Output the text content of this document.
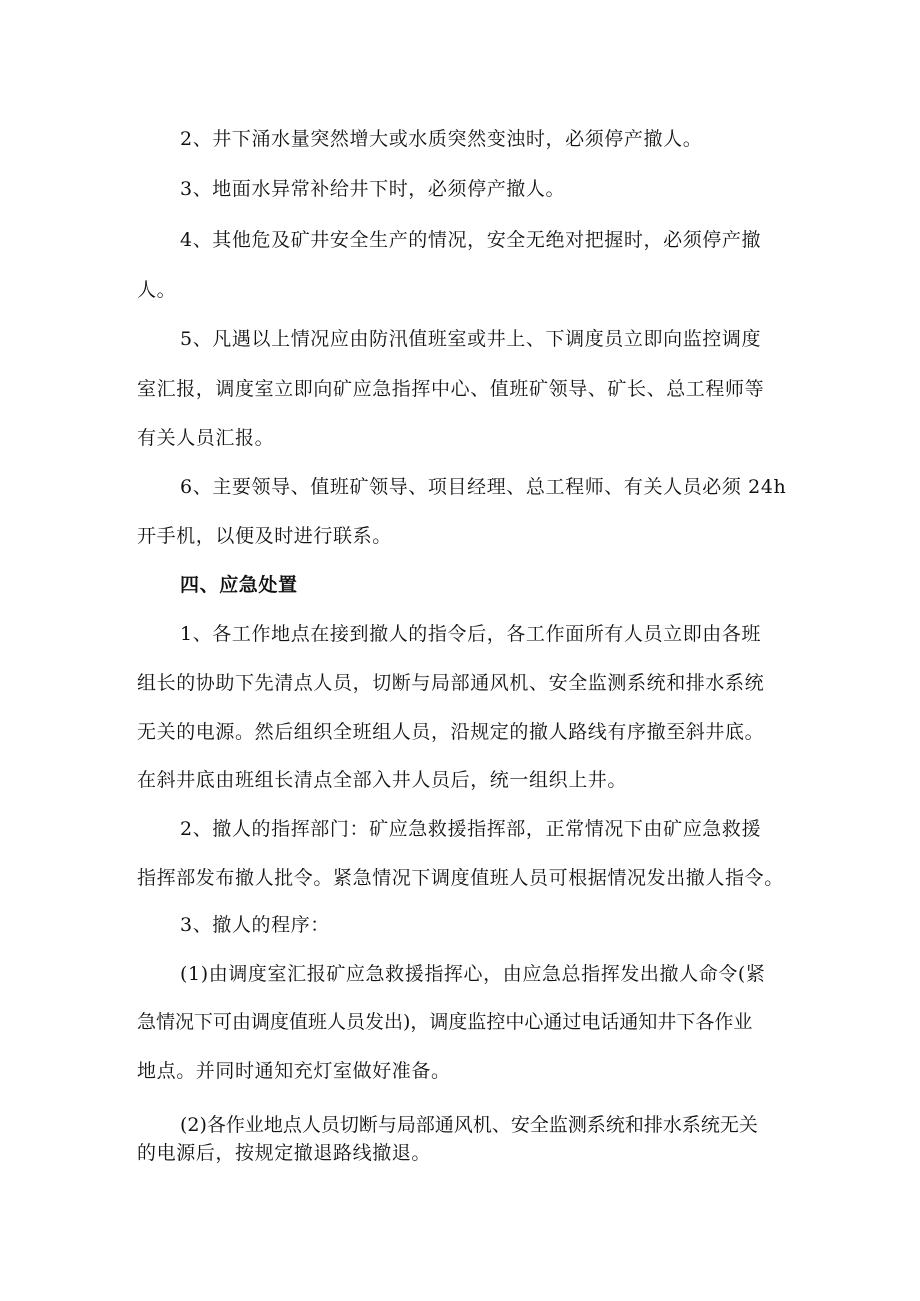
2、井下涌水量突然增大或水质突然变浊时，必须停产撤人。
3、地面水异常补给井下时，必须停产撤人。
4、其他危及矿井安全生产的情况，安全无绝对把握时，必须停产撤
人。
5、凡遇以上情况应由防汛值班室或井上、下调度员立即向监控调度
室汇报，调度室立即向矿应急指挥中心、值班矿领导、矿长、总工程师等
有关人员汇报。
6、主要领导、值班矿领导、项目经理、总工程师、有关人员必须 24h
开手机，以便及时进行联系。
四、应急处置
1、各工作地点在接到撤人的指令后，各工作面所有人员立即由各班
组长的协助下先清点人员，切断与局部通风机、安全监测系统和排水系统
无关的电源。然后组织全班组人员，沿规定的撤人路线有序撤至斜井底。
在斜井底由班组长清点全部入井人员后，统一组织上井。
2、撤人的指挥部门：矿应急救援指挥部，正常情况下由矿应急救援
指挥部发布撤人批令。紧急情况下调度值班人员可根据情况发出撤人指令。
3、撤人的程序：
(1)由调度室汇报矿应急救援指挥心，由应急总指挥发出撤人命令(紧
急情况下可由调度值班人员发出)，调度监控中心通过电话通知井下各作业
地点。并同时通知充灯室做好准备。
(2)各作业地点人员切断与局部通风机、安全监测系统和排水系统无关
的电源后，按规定撤退路线撤退。
